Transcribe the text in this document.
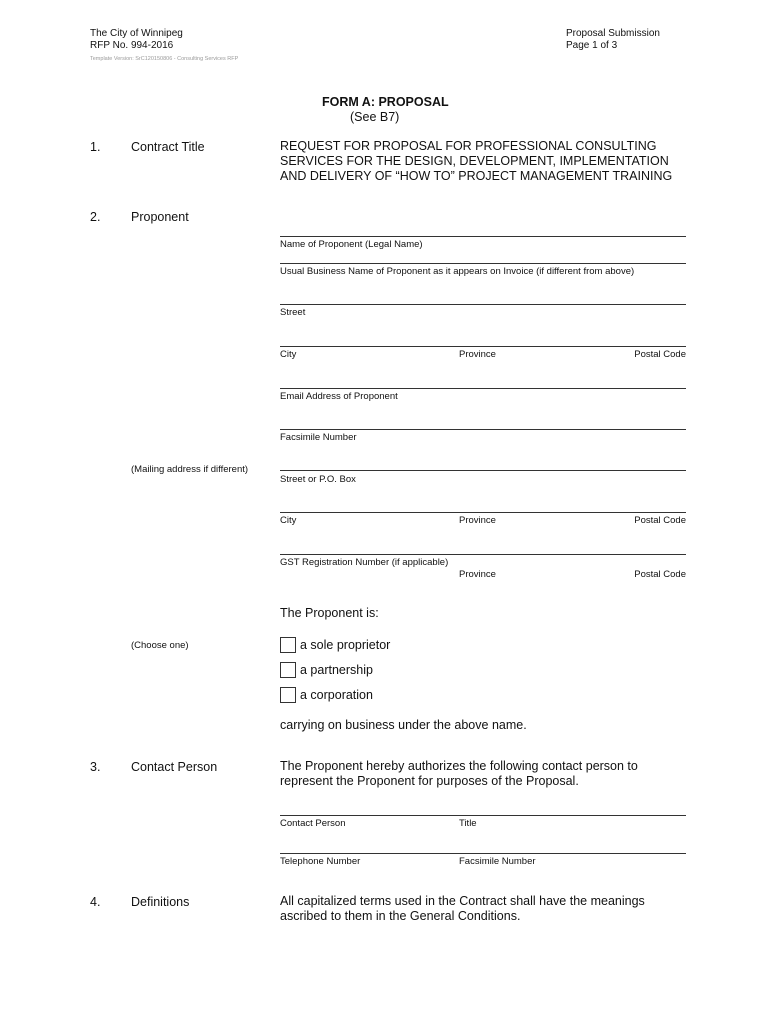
The City of Winnipeg
RFP No. 994-2016
Template Version: SrC120150806 - Consulting Services RFP
Proposal Submission
Page 1 of 3
FORM A: PROPOSAL
(See B7)
1. Contract Title	REQUEST FOR PROPOSAL FOR PROFESSIONAL CONSULTING
SERVICES FOR THE DESIGN, DEVELOPMENT, IMPLEMENTATION
AND DELIVERY OF “HOW TO” PROJECT MANAGEMENT TRAINING
2. Proponent
Name of Proponent (Legal Name)
Usual Business Name of Proponent as it appears on Invoice (if different from above)
Street
City	Province	Postal Code
Email Address of Proponent
Facsimile Number
(Mailing address if different)
Street or P.O. Box
City	Province	Postal Code
GST Registration Number (if applicable)
Province	Postal Code
The Proponent is:
(Choose one)	a sole proprietor
a partnership
a corporation
carrying on business under the above name.
3. Contact Person	The Proponent hereby authorizes the following contact person to
represent the Proponent for purposes of the Proposal.
Contact Person	Title
Telephone Number	Facsimile Number
4. Definitions	All capitalized terms used in the Contract shall have the meanings
ascribed to them in the General Conditions.
